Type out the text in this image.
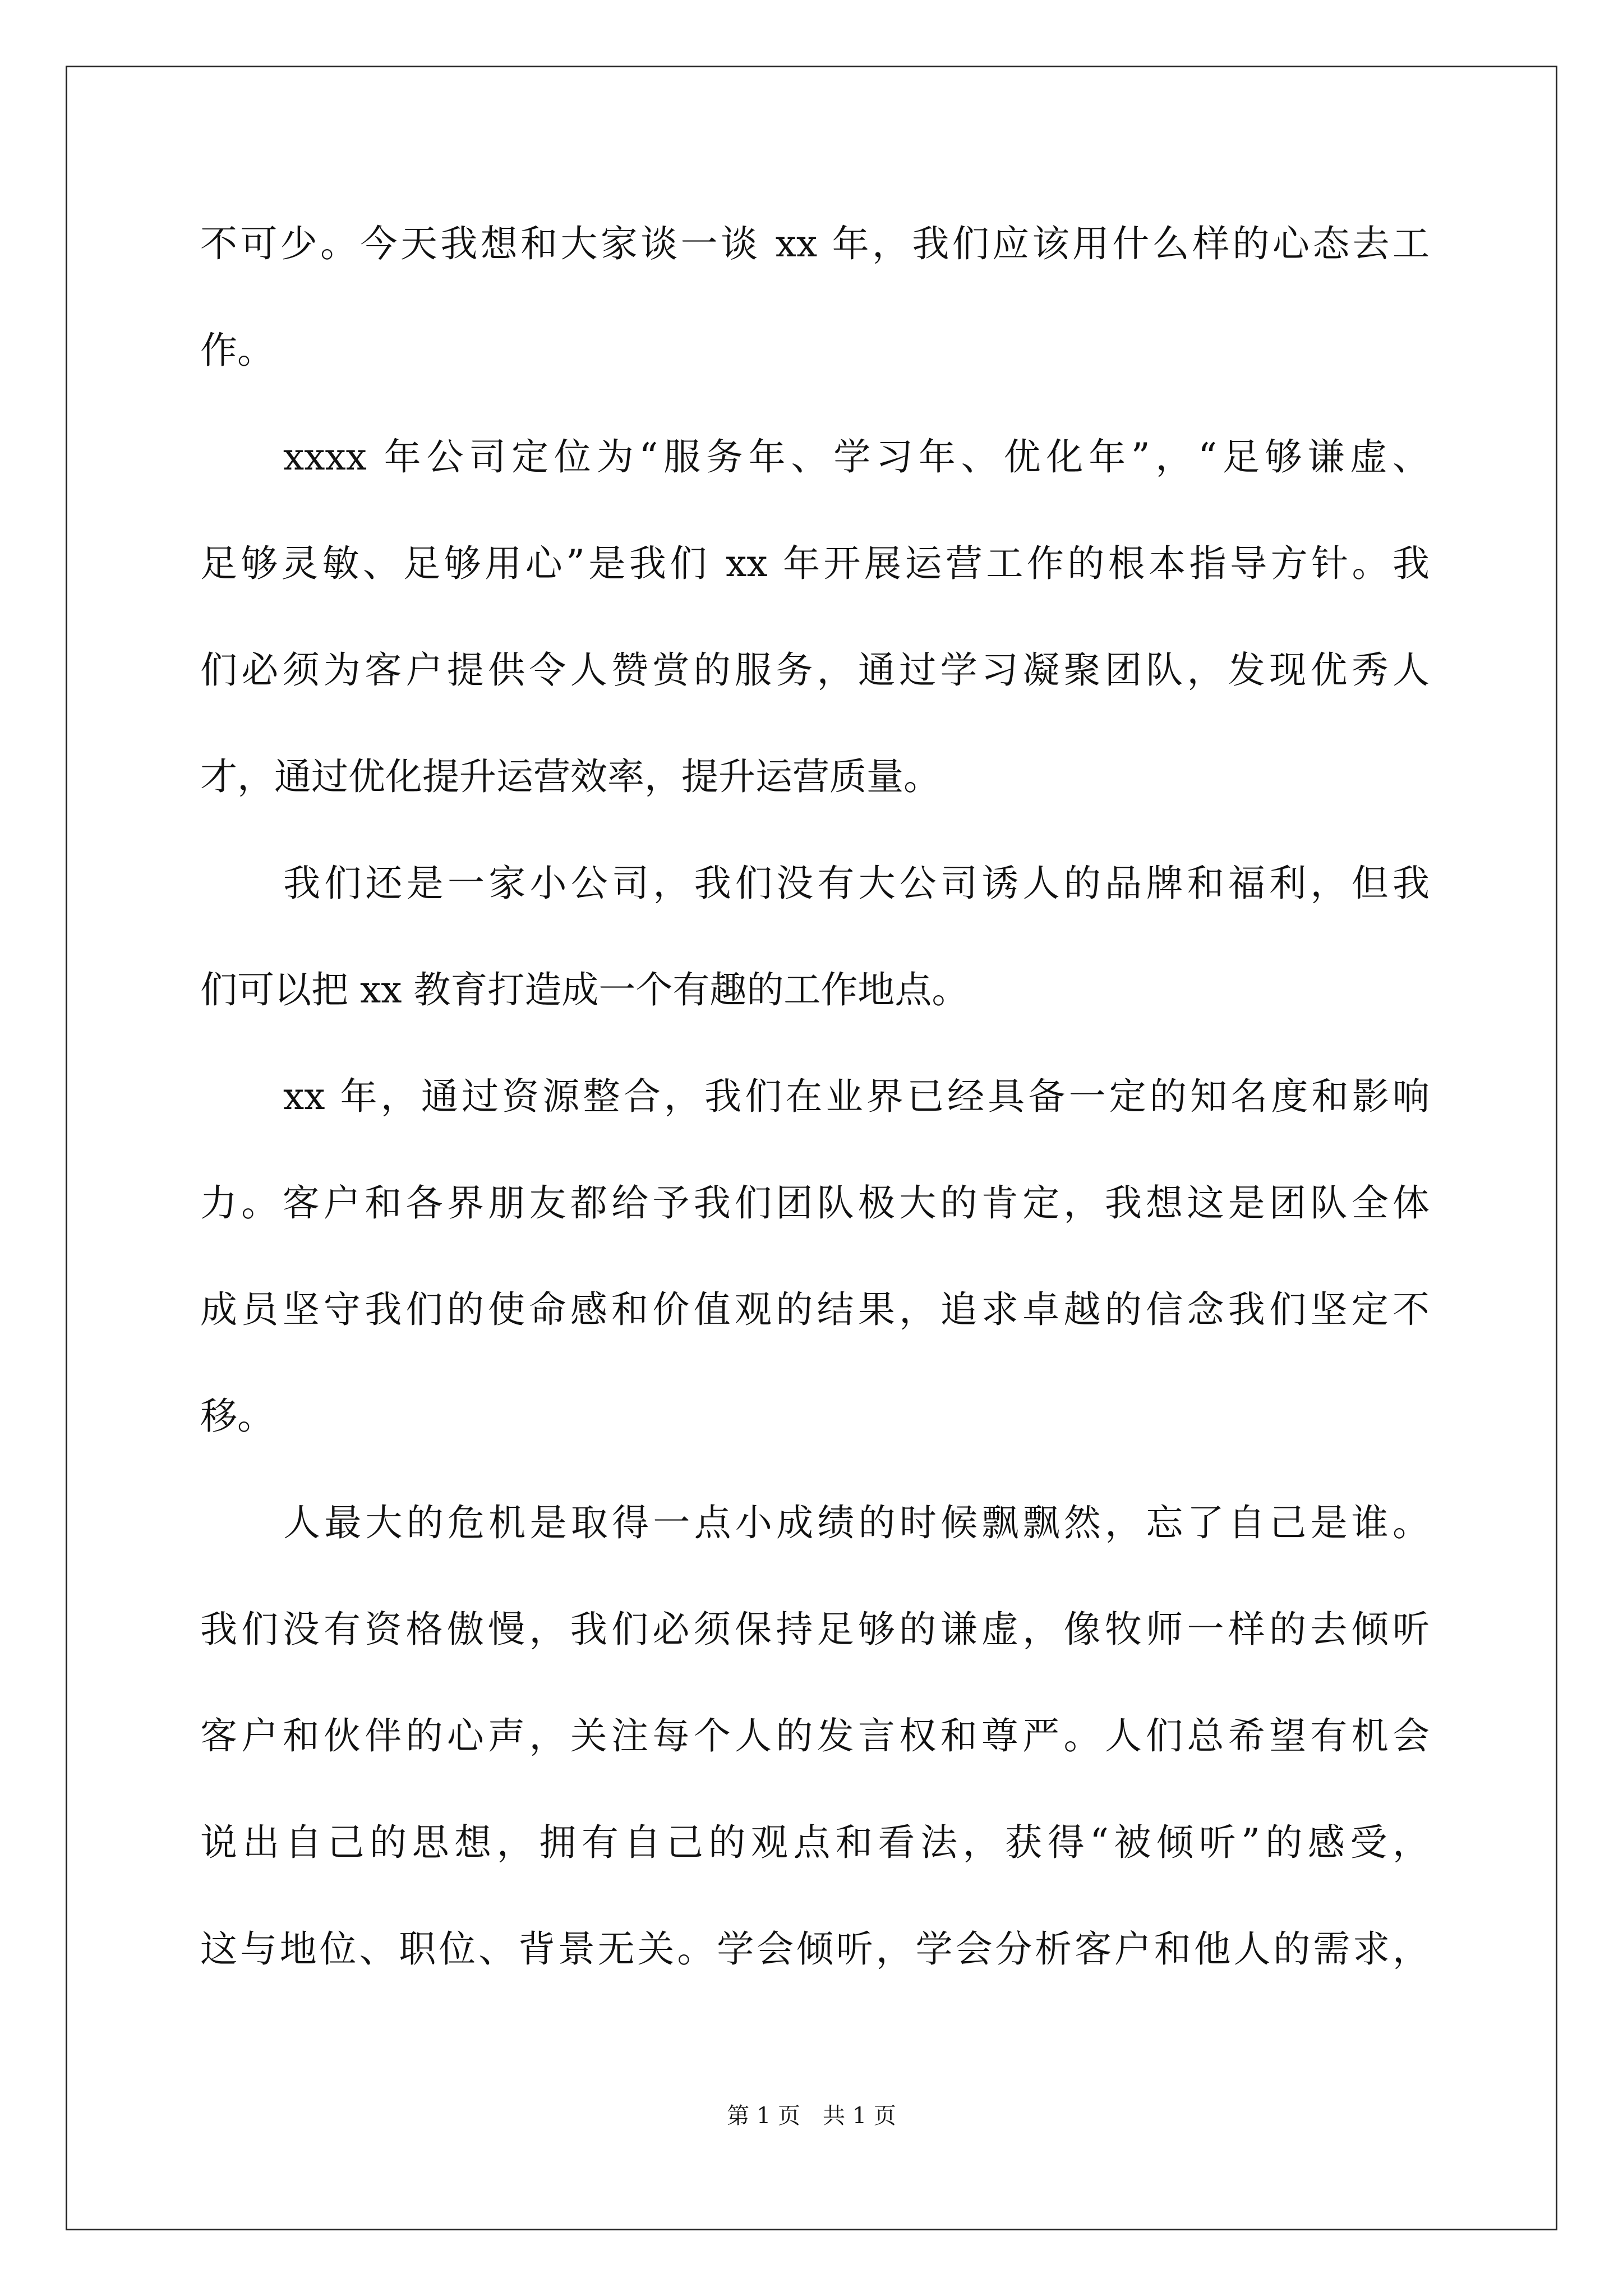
不可少。今天我想和大家谈一谈 xx 年，我们应该用什么样的心态去工
作。
xxxx 年公司定位为“服务年、学习年、优化年”，“足够谦虚、
足够灵敏、足够用心”是我们 xx 年开展运营工作的根本指导方针。我
们必须为客户提供令人赞赏的服务，通过学习凝聚团队，发现优秀人
才，通过优化提升运营效率，提升运营质量。
我们还是一家小公司，我们没有大公司诱人的品牌和福利，但我
们可以把 xx 教育打造成一个有趣的工作地点。
xx 年，通过资源整合，我们在业界已经具备一定的知名度和影响
力。客户和各界朋友都给予我们团队极大的肯定，我想这是团队全体
成员坚守我们的使命感和价值观的结果，追求卓越的信念我们坚定不
移。
人最大的危机是取得一点小成绩的时候飘飘然，忘了自己是谁。
我们没有资格傲慢，我们必须保持足够的谦虚，像牧师一样的去倾听
客户和伙伴的心声，关注每个人的发言权和尊严。人们总希望有机会
说出自己的思想，拥有自己的观点和看法，获得“被倾听”的感受，
这与地位、职位、背景无关。学会倾听，学会分析客户和他人的需求，
第 1 页　共 1 页
